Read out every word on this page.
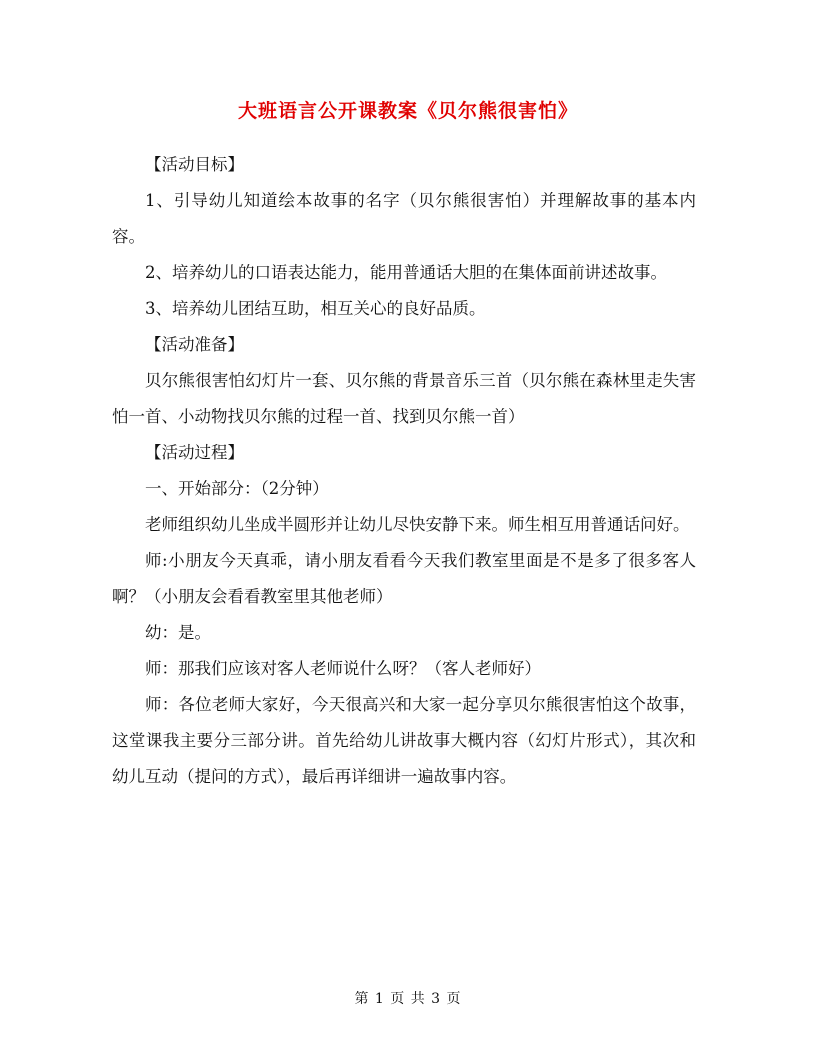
大班语言公开课教案《贝尔熊很害怕》

【活动目标】

1、引导幼儿知道绘本故事的名字（贝尔熊很害怕）并理解故事的基本内容。

2、培养幼儿的口语表达能力，能用普通话大胆的在集体面前讲述故事。

3、培养幼儿团结互助，相互关心的良好品质。

【活动准备】

贝尔熊很害怕幻灯片一套、贝尔熊的背景音乐三首（贝尔熊在森林里走失害怕一首、小动物找贝尔熊的过程一首、找到贝尔熊一首）

【活动过程】

一、开始部分：（2分钟）

老师组织幼儿坐成半圆形并让幼儿尽快安静下来。师生相互用普通话问好。

师:小朋友今天真乖，请小朋友看看今天我们教室里面是不是多了很多客人啊？（小朋友会看看教室里其他老师）

幼：是。

师：那我们应该对客人老师说什么呀？（客人老师好）

师：各位老师大家好，今天很高兴和大家一起分享贝尔熊很害怕这个故事，这堂课我主要分三部分讲。首先给幼儿讲故事大概内容（幻灯片形式），其次和幼儿互动（提问的方式），最后再详细讲一遍故事内容。

第 1 页 共 3 页
